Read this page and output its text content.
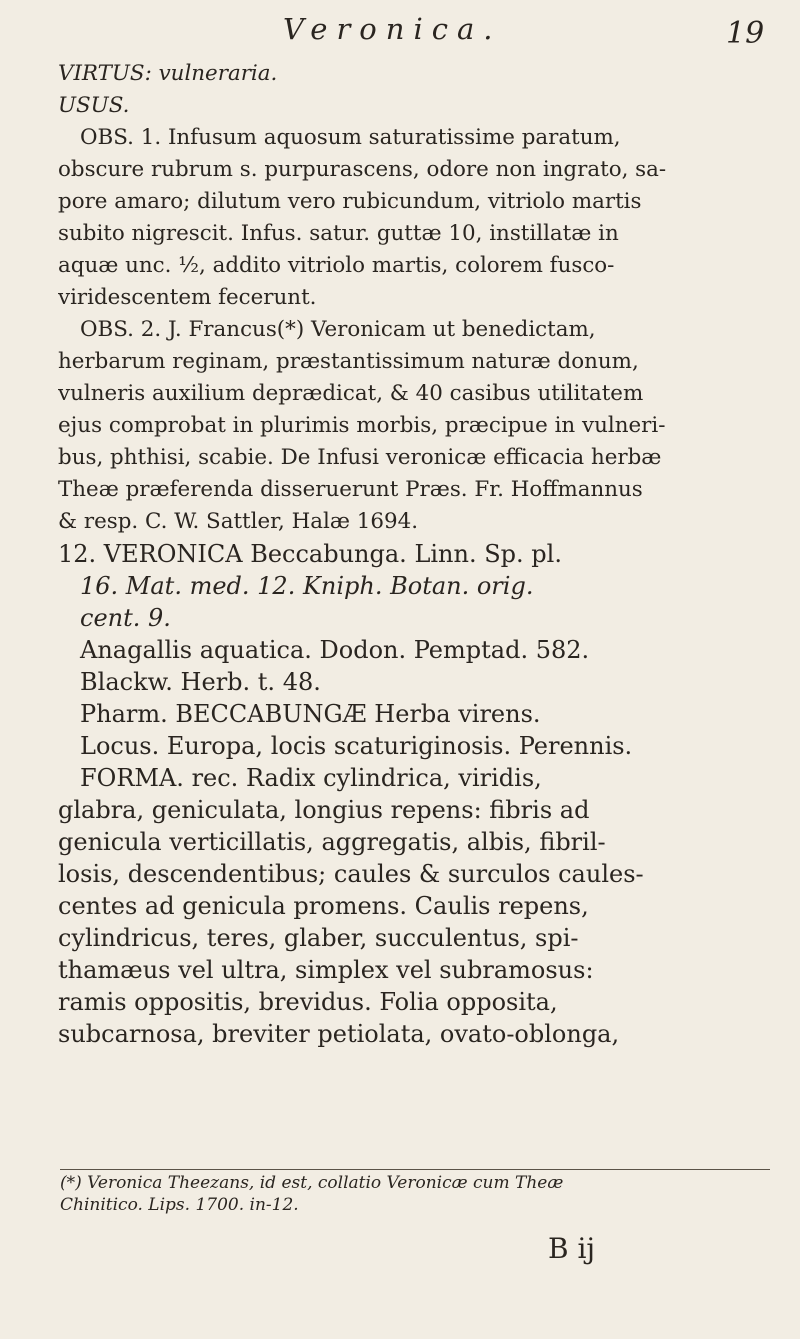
Veronica.	19

VIRTUS: vulneraria.

USUS.

OBS. 1. Infusum aquosum saturatissime paratum,

obscure rubrum s. purpurascens, odore non ingrato, sa-

pore amaro; dilutum vero rubicundum, vitriolo martis

subito nigrescit. Infus. satur. guttæ 10, instillatæ in

aquæ unc. ½, addito vitriolo martis, colorem fusco-

viridescentem fecerunt.

OBS. 2. J. Francus(*) Veronicam ut benedictam,

herbarum reginam, præstantissimum naturæ donum,

vulneris auxilium deprædicat, & 40 casibus utilitatem

ejus comprobat in plurimis morbis, præcipue in vulneri-

bus, phthisi, scabie. De Infusi veronicæ efficacia herbæ

Theæ præferenda disseruerunt Præs. Fr. Hoffmannus

& resp. C. W. Sattler, Halæ 1694.

12. VERONICA Beccabunga. Linn. Sp. pl.

16. Mat. med. 12. Kniph. Botan. orig.

cent. 9.

Anagallis aquatica. Dodon. Pemptad. 582.

Blackw. Herb. t. 48.

Pharm. BECCABUNGÆ Herba virens.

Locus. Europa, locis scaturiginosis. Perennis.

FORMA. rec. Radix cylindrica, viridis,

glabra, geniculata, longius repens: fibris ad

genicula verticillatis, aggregatis, albis, fibril-

losis, descendentibus; caules & surculos caules-

centes ad genicula promens. Caulis repens,

cylindricus, teres, glaber, succulentus, spi-

thamæus vel ultra, simplex vel subramosus:

ramis oppositis, brevidus. Folia opposita,

subcarnosa, breviter petiolata, ovato-oblonga,

(*) Veronica Theezans, id est, collatio Veronicæ cum Theæ
Chinitico. Lips. 1700. in-12.
B ij
